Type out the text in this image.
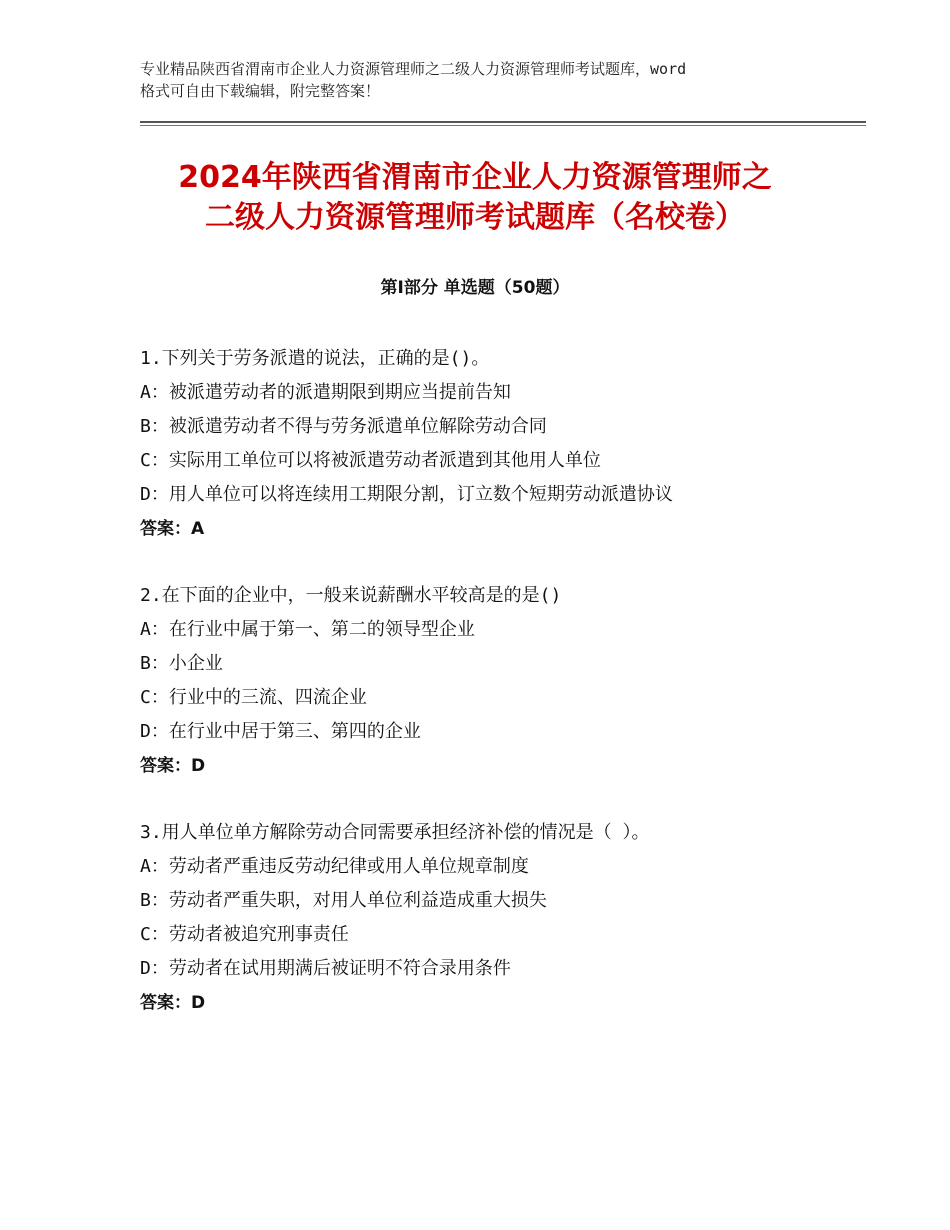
专业精品陕西省渭南市企业人力资源管理师之二级人力资源管理师考试题库，word
格式可自由下载编辑，附完整答案！
2024年陕西省渭南市企业人力资源管理师之
二级人力资源管理师考试题库（名校卷）
第Ⅰ部分 单选题（50题）
1.下列关于劳务派遣的说法，正确的是()。
A：被派遣劳动者的派遣期限到期应当提前告知
B：被派遣劳动者不得与劳务派遣单位解除劳动合同
C：实际用工单位可以将被派遣劳动者派遣到其他用人单位
D：用人单位可以将连续用工期限分割，订立数个短期劳动派遣协议
答案：A
2.在下面的企业中，一般来说薪酬水平较高是的是()
A：在行业中属于第一、第二的领导型企业
B：小企业
C：行业中的三流、四流企业
D：在行业中居于第三、第四的企业
答案：D
3.用人单位单方解除劳动合同需要承担经济补偿的情况是（ ）。
A：劳动者严重违反劳动纪律或用人单位规章制度
B：劳动者严重失职，对用人单位利益造成重大损失
C：劳动者被追究刑事责任
D：劳动者在试用期满后被证明不符合录用条件
答案：D
